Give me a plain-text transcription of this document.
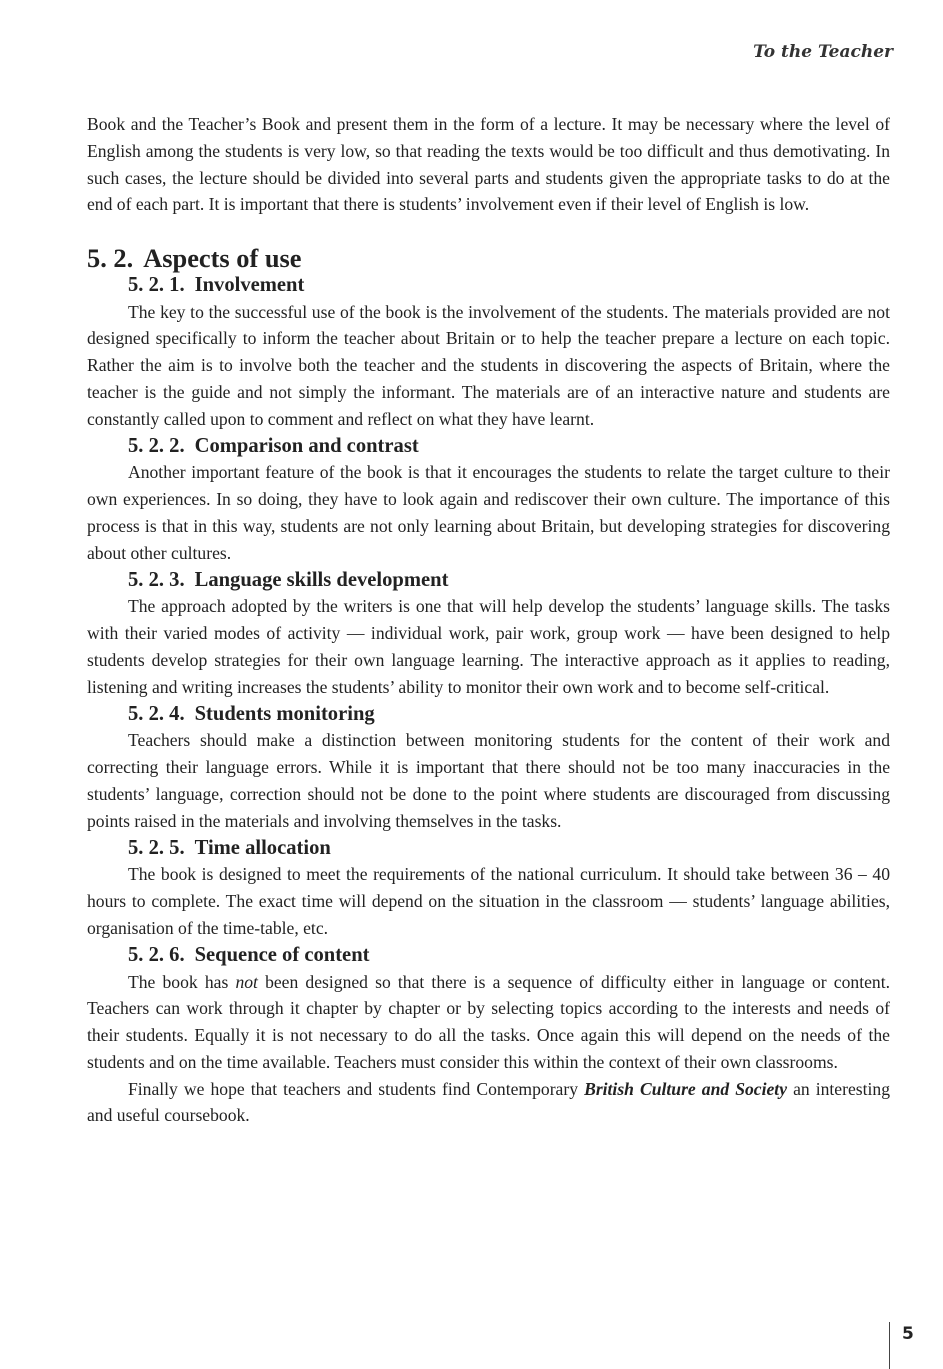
To the Teacher

Book and the Teacher’s Book and present them in the form of a lecture. It may be necessary where the level of English among the students is very low, so that reading the texts would be too difficult and thus demotivating. In such cases, the lecture should be divided into several parts and students given the appropriate tasks to do at the end of each part. It is important that there is students’ involvement even if their level of English is low.

5. 2. Aspects of use
5. 2. 1. Involvement

The key to the successful use of the book is the involvement of the students. The materials provided are not designed specifically to inform the teacher about Britain or to help the teacher prepare a lecture on each topic. Rather the aim is to involve both the teacher and the students in discovering the aspects of Britain, where the teacher is the guide and not simply the informant. The materials are of an interactive nature and students are constantly called upon to comment and reflect on what they have learnt.

5. 2. 2. Comparison and contrast

Another important feature of the book is that it encourages the students to relate the target culture to their own experiences. In so doing, they have to look again and rediscover their own culture. The importance of this process is that in this way, students are not only learning about Britain, but developing strategies for discovering about other cultures.

5. 2. 3. Language skills development

The approach adopted by the writers is one that will help develop the students’ language skills. The tasks with their varied modes of activity — individual work, pair work, group work — have been designed to help students develop strategies for their own language learning. The interactive approach as it applies to reading, listening and writing increases the students’ ability to monitor their own work and to become self-critical.

5. 2. 4. Students monitoring

Teachers should make a distinction between monitoring students for the content of their work and correcting their language errors. While it is important that there should not be too many inaccuracies in the students’ language, correction should not be done to the point where students are discouraged from discussing points raised in the materials and involving themselves in the tasks.

5. 2. 5. Time allocation

The book is designed to meet the requirements of the national curriculum. It should take between 36 – 40 hours to complete. The exact time will depend on the situation in the classroom — students’ language abilities, organisation of the time-table, etc.

5. 2. 6. Sequence of content

The book has not been designed so that there is a sequence of difficulty either in language or content. Teachers can work through it chapter by chapter or by selecting topics according to the interests and needs of their students. Equally it is not necessary to do all the tasks. Once again this will depend on the needs of the students and on the time available. Teachers must consider this within the context of their own classrooms.

Finally we hope that teachers and students find Contemporary British Culture and Society an interesting and useful coursebook.

5
